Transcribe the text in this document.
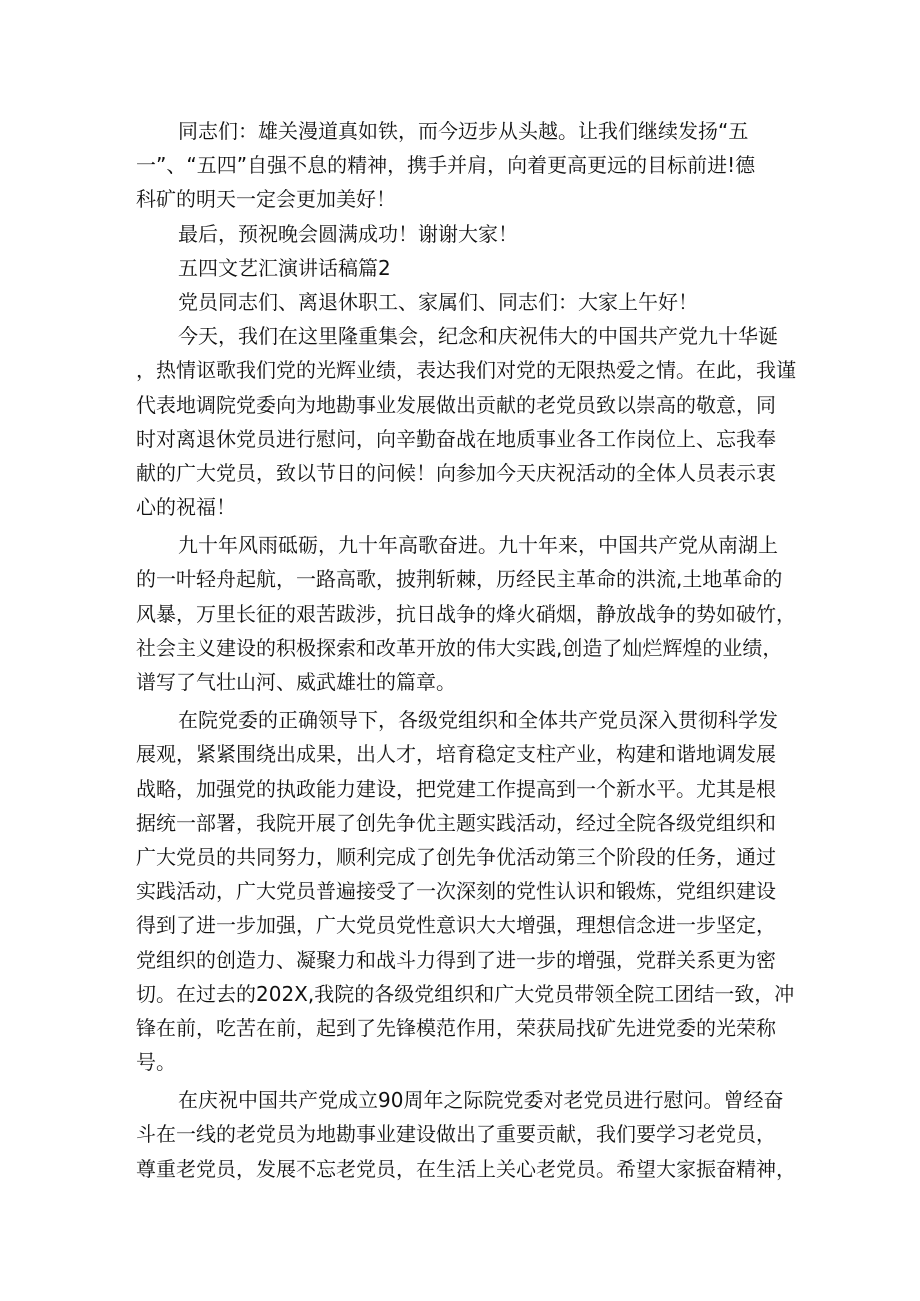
同志们：雄关漫道真如铁，而今迈步从头越。让我们继续发扬“五
一”、“五四”自强不息的精神，携手并肩，向着更高更远的目标前进!德
科矿的明天一定会更加美好！
最后，预祝晚会圆满成功！谢谢大家！
五四文艺汇演讲话稿篇2
党员同志们、离退休职工、家属们、同志们：大家上午好！
今天，我们在这里隆重集会，纪念和庆祝伟大的中国共产党九十华诞
，热情讴歌我们党的光辉业绩，表达我们对党的无限热爱之情。在此，我谨
代表地调院党委向为地勘事业发展做出贡献的老党员致以崇高的敬意，同
时对离退休党员进行慰问，向辛勤奋战在地质事业各工作岗位上、忘我奉
献的广大党员，致以节日的问候！向参加今天庆祝活动的全体人员表示衷
心的祝福！
九十年风雨砥砺，九十年高歌奋进。九十年来，中国共产党从南湖上
的一叶轻舟起航，一路高歌，披荆斩棘，历经民主革命的洪流,土地革命的
风暴，万里长征的艰苦跋涉，抗日战争的烽火硝烟，静放战争的势如破竹，
社会主义建设的积极探索和改革开放的伟大实践,创造了灿烂辉煌的业绩，
谱写了气壮山河、威武雄壮的篇章。
在院党委的正确领导下，各级党组织和全体共产党员深入贯彻科学发
展观，紧紧围绕出成果，出人才，培育稳定支柱产业，构建和谐地调发展
战略，加强党的执政能力建设，把党建工作提高到一个新水平。尤其是根
据统一部署，我院开展了创先争优主题实践活动，经过全院各级党组织和
广大党员的共同努力，顺利完成了创先争优活动第三个阶段的任务，通过
实践活动，广大党员普遍接受了一次深刻的党性认识和锻炼，党组织建设
得到了进一步加强，广大党员党性意识大大增强，理想信念进一步坚定，
党组织的创造力、凝聚力和战斗力得到了进一步的增强，党群关系更为密
切。在过去的202X,我院的各级党组织和广大党员带领全院工团结一致，冲
锋在前，吃苦在前，起到了先锋模范作用，荣获局找矿先进党委的光荣称
号。
在庆祝中国共产党成立90周年之际院党委对老党员进行慰问。曾经奋
斗在一线的老党员为地勘事业建设做出了重要贡献，我们要学习老党员，
尊重老党员，发展不忘老党员，在生活上关心老党员。希望大家振奋精神，
